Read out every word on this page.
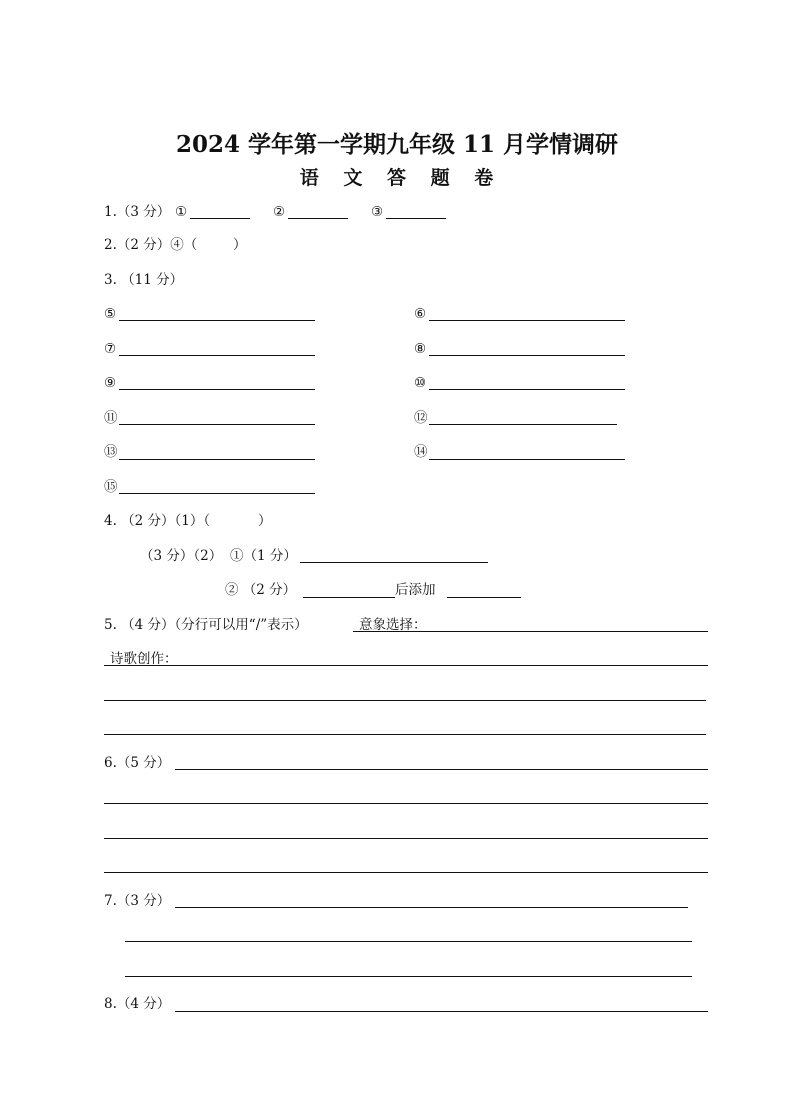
2024 学年第一学期九年级 11 月学情调研
语 文 答 题 卷
1.（3 分） ①	②	③
2.（2 分）④（	）
3. （11 分）
⑤	⑥
⑦	⑧
⑨	⑩
⑪	⑫
⑬	⑭
⑮
4. （2 分）（1）（	）
（3 分）（2） ①（1 分）
② （2 分）	后添加
5. （4 分）（分行可以用“/”表示）	意象选择：
诗歌创作：
6.（5 分）
7.（3 分）
8.（4 分）
